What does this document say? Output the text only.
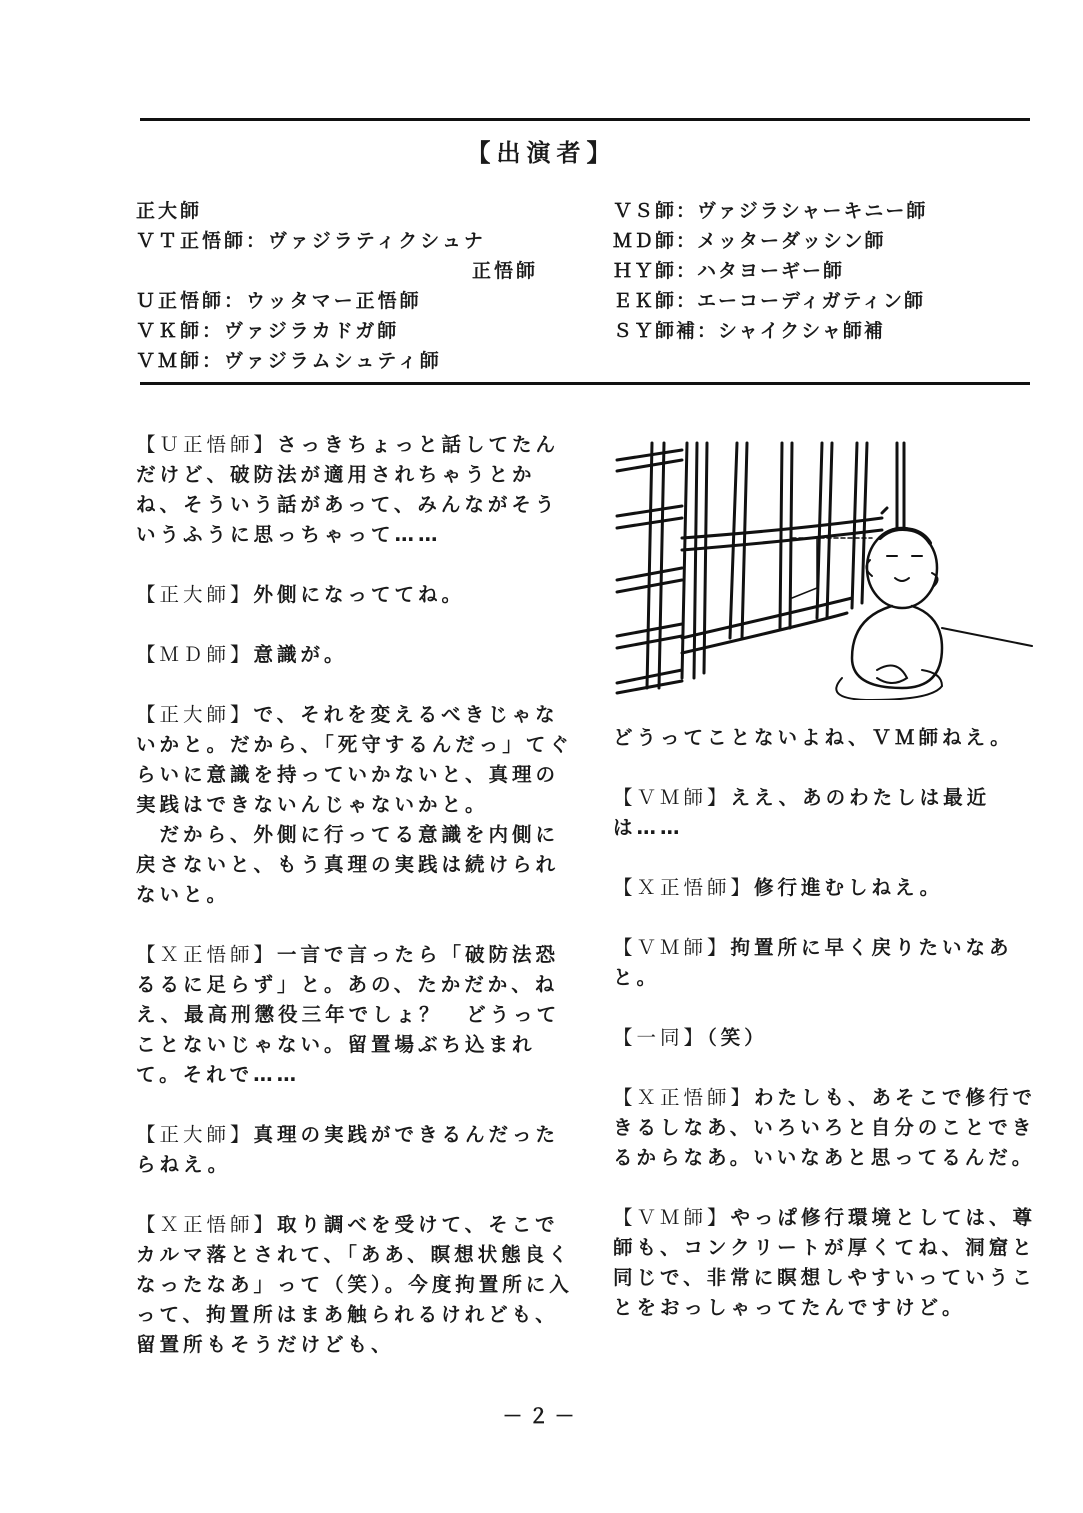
【出演者】
正大師
ＶＴ正悟師：ヴァジラティクシュナ
正悟師
Ｕ正悟師：ウッタマー正悟師
ＶＫ師：ヴァジラカドガ師
ＶＭ師：ヴァジラムシュティ師
ＶＳ師：ヴァジラシャーキニー師
ＭＤ師：メッターダッシン師
ＨＹ師：ハタヨーギー師
ＥＫ師：エーコーディガティン師
ＳＹ師補：シャイクシャ師補

【Ｕ正悟師】さっきちょっと話してたんだけど、破防法が適用されちゃうとかね、そういう話があって、みんながそういうふうに思っちゃって……

【正大師】外側になっててね。

【ＭＤ師】意識が。

【正大師】で、それを変えるべきじゃないかと。だから、「死守するんだっ」てぐらいに意識を持っていかないと、真理の実践はできないんじゃないかと。
　だから、外側に行ってる意識を内側に戻さないと、もう真理の実践は続けられないと。

【Ｘ正悟師】一言で言ったら「破防法恐るるに足らず」と。あの、たかだか、ねえ、最高刑懲役三年でしょ？　どうってことないじゃない。留置場ぶち込まれて。それで……

【正大師】真理の実践ができるんだったらねえ。

【Ｘ正悟師】取り調べを受けて、そこでカルマ落とされて、「ああ、瞑想状態良くなったなあ」って（笑）。今度拘置所に入って、拘置所はまあ触られるけれども、留置所もそうだけども、

どうってことないよね、ＶＭ師ねえ。

【ＶＭ師】ええ、あのわたしは最近は……

【Ｘ正悟師】修行進むしねえ。

【ＶＭ師】拘置所に早く戻りたいなあと。

【一同】（笑）

【Ｘ正悟師】わたしも、あそこで修行できるしなあ、いろいろと自分のことできるからなあ。いいなあと思ってるんだ。

【ＶＭ師】やっぱ修行環境としては、尊師も、コンクリートが厚くてね、洞窟と同じで、非常に瞑想しやすいっていうことをおっしゃってたんですけど。

－２－
